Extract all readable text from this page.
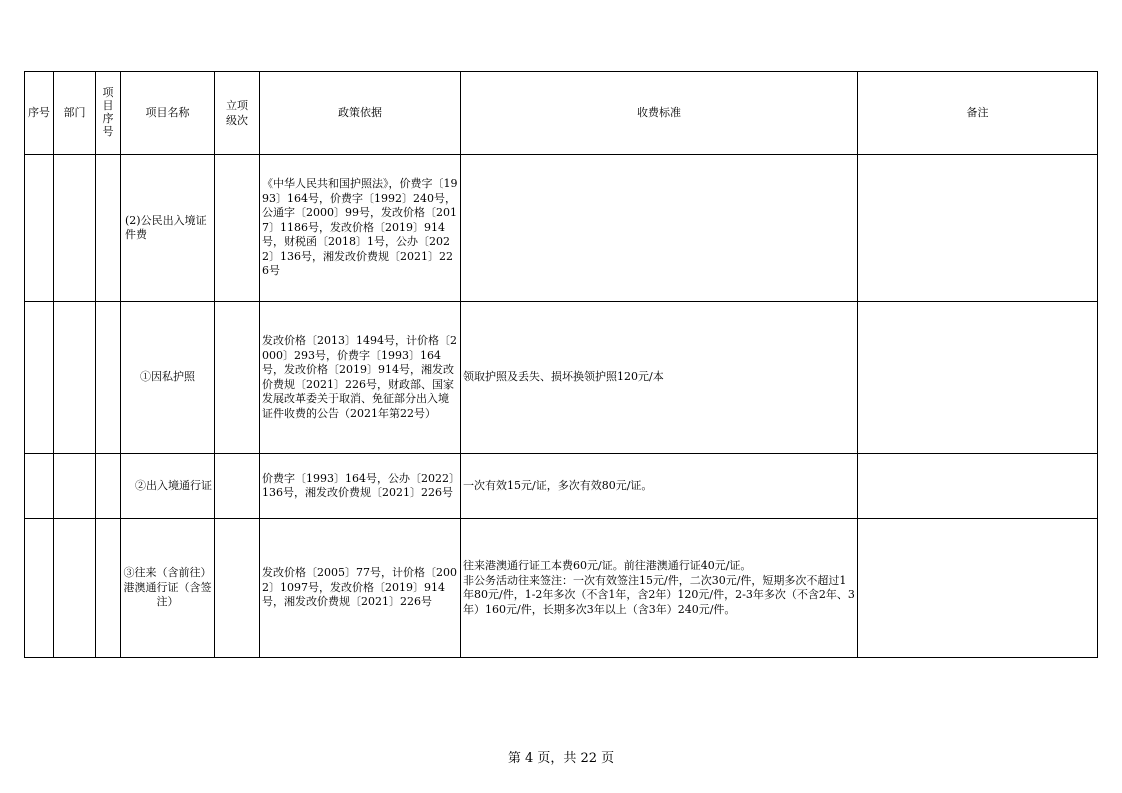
序号	部门	项目序号	项目名称	立项级次	政策依据	收费标准	备注
			(2)公民出入境证件费		《中华人民共和国护照法》，价费字〔1993〕164号，价费字〔1992〕240号，公通字〔2000〕99号，发改价格〔2017〕1186号，发改价格〔2019〕914号，财税函〔2018〕1号，公办〔2022〕136号，湘发改价费规〔2021〕226号		
			①因私护照		发改价格〔2013〕1494号，计价格〔2000〕293号，价费字〔1993〕164号，发改价格〔2019〕914号，湘发改价费规〔2021〕226号，财政部、国家发展改革委关于取消、免征部分出入境证件收费的公告（2021年第22号）	领取护照及丢失、损坏换领护照120元/本	

			②出入境通行证		价费字〔1993〕164号，公办〔2022〕136号，湘发改价费规〔2021〕226号	一次有效15元/证，多次有效80元/证。	
			③往来（含前往）港澳通行证（含签注）		发改价格〔2005〕77号，计价格〔2002〕1097号，发改价格〔2019〕914号，湘发改价费规〔2021〕226号	往来港澳通行证工本费60元/证。前往港澳通行证40元/证。
非公务活动往来签注：一次有效签注15元/件，二次30元/件，短期多次不超过1年80元/件，1-2年多次（不含1年，含2年）120元/件，2-3年多次（不含2年、3年）160元/件，长期多次3年以上（含3年）240元/件。	
第 4 页，共 22 页
